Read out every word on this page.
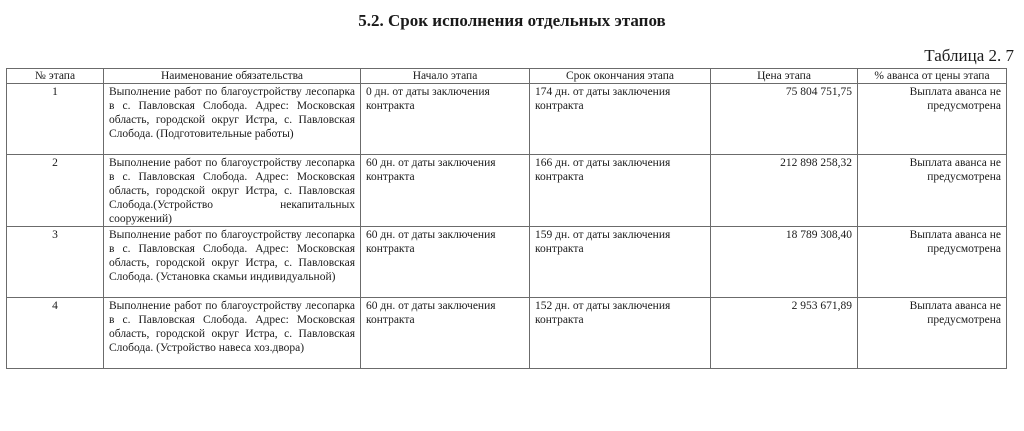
5.2. Срок исполнения отдельных этапов
Таблица 2. 7
№ этапа	Наименование обязательства	Начало этапа	Срок окончания этапа	Цена этапа	% аванса от цены этапа
1	Выполнение работ по благоустройству лесопарка в с. Павловская Слобода. Адрес: Московская область, городской округ Истра, с. Павловская Слобода. (Подготовительные работы)	0 дн. от даты заключения контракта	174 дн. от даты заключения контракта	75 804 751,75	Выплата аванса не предусмотрена
2	Выполнение работ по благоустройству лесопарка в с. Павловская Слобода. Адрес: Московская область, городской округ Истра, с. Павловская Слобода.(Устройство некапитальных сооружений)	60 дн. от даты заключения контракта	166 дн. от даты заключения контракта	212 898 258,32	Выплата аванса не предусмотрена
3	Выполнение работ по благоустройству лесопарка в с. Павловская Слобода. Адрес: Московская область, городской округ Истра, с. Павловская Слобода. (Установка скамьи индивидуальной)	60 дн. от даты заключения контракта	159 дн. от даты заключения контракта	18 789 308,40	Выплата аванса не предусмотрена
4	Выполнение работ по благоустройству лесопарка в с. Павловская Слобода. Адрес: Московская область, городской округ Истра, с. Павловская Слобода. (Устройство навеса хоз.двора)	60 дн. от даты заключения контракта	152 дн. от даты заключения контракта	2 953 671,89	Выплата аванса не предусмотрена
